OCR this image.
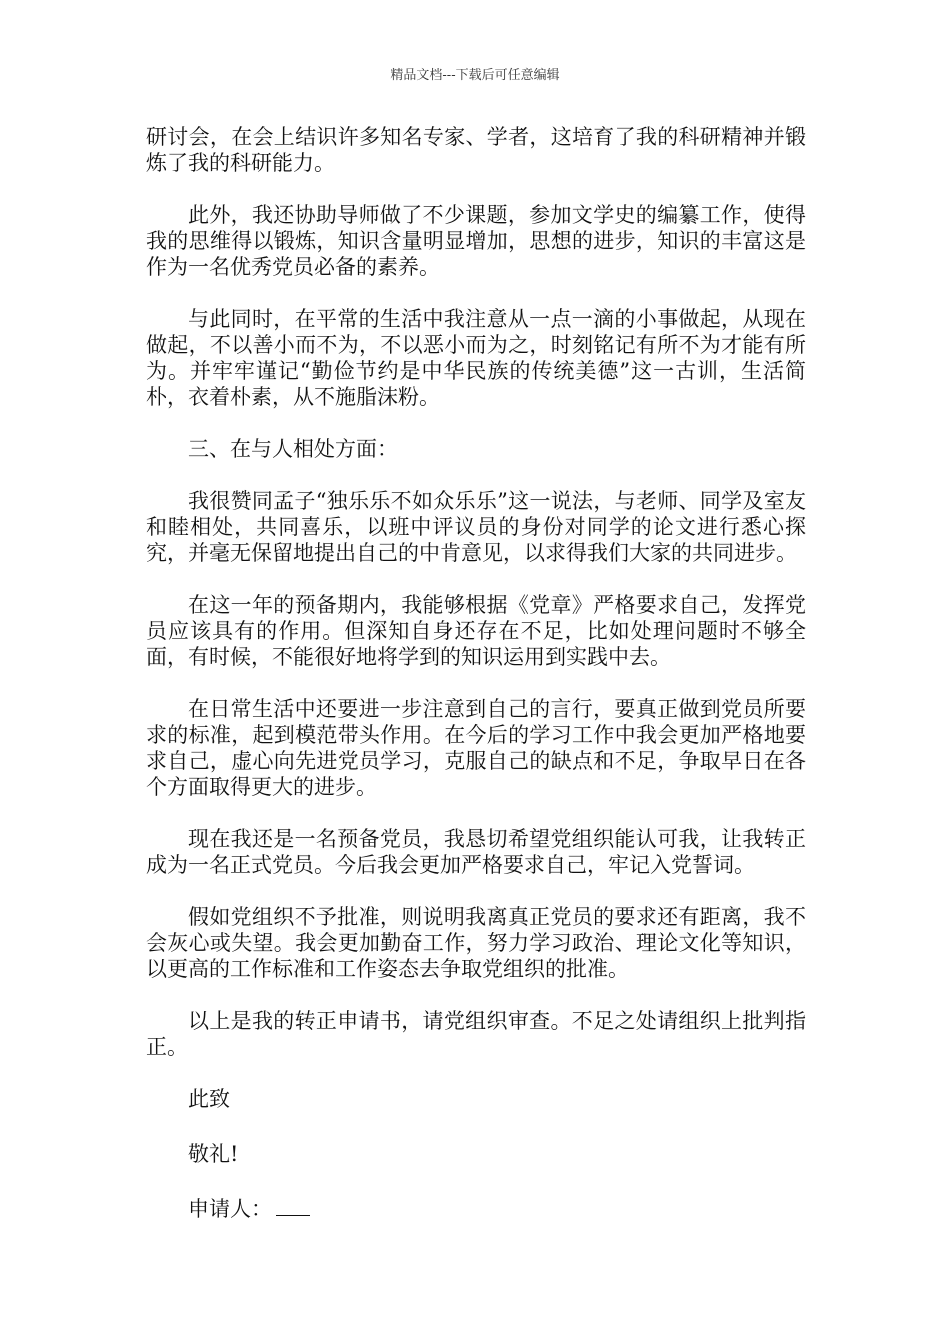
精品文档---下载后可任意编辑

研讨会，在会上结识许多知名专家、学者，这培育了我的科研精神并锻炼了我的科研能力。

此外，我还协助导师做了不少课题，参加文学史的编纂工作，使得我的思维得以锻炼，知识含量明显增加，思想的进步，知识的丰富这是作为一名优秀党员必备的素养。

与此同时，在平常的生活中我注意从一点一滴的小事做起，从现在做起，不以善小而不为，不以恶小而为之，时刻铭记有所不为才能有所为。并牢牢谨记“勤俭节约是中华民族的传统美德”这一古训，生活简朴，衣着朴素，从不施脂沫粉。

三、在与人相处方面：

我很赞同孟子“独乐乐不如众乐乐”这一说法，与老师、同学及室友和睦相处，共同喜乐，以班中评议员的身份对同学的论文进行悉心探究，并毫无保留地提出自己的中肯意见，以求得我们大家的共同进步。

在这一年的预备期内，我能够根据《党章》严格要求自己，发挥党员应该具有的作用。但深知自身还存在不足，比如处理问题时不够全面，有时候，不能很好地将学到的知识运用到实践中去。

在日常生活中还要进一步注意到自己的言行，要真正做到党员所要求的标准，起到模范带头作用。在今后的学习工作中我会更加严格地要求自己，虚心向先进党员学习，克服自己的缺点和不足，争取早日在各个方面取得更大的进步。

现在我还是一名预备党员，我恳切希望党组织能认可我，让我转正成为一名正式党员。今后我会更加严格要求自己，牢记入党誓词。

假如党组织不予批准，则说明我离真正党员的要求还有距离，我不会灰心或失望。我会更加勤奋工作，努力学习政治、理论文化等知识，以更高的工作标准和工作姿态去争取党组织的批准。

以上是我的转正申请书，请党组织审查。不足之处请组织上批判指正。

此致

敬礼!

申请人：
